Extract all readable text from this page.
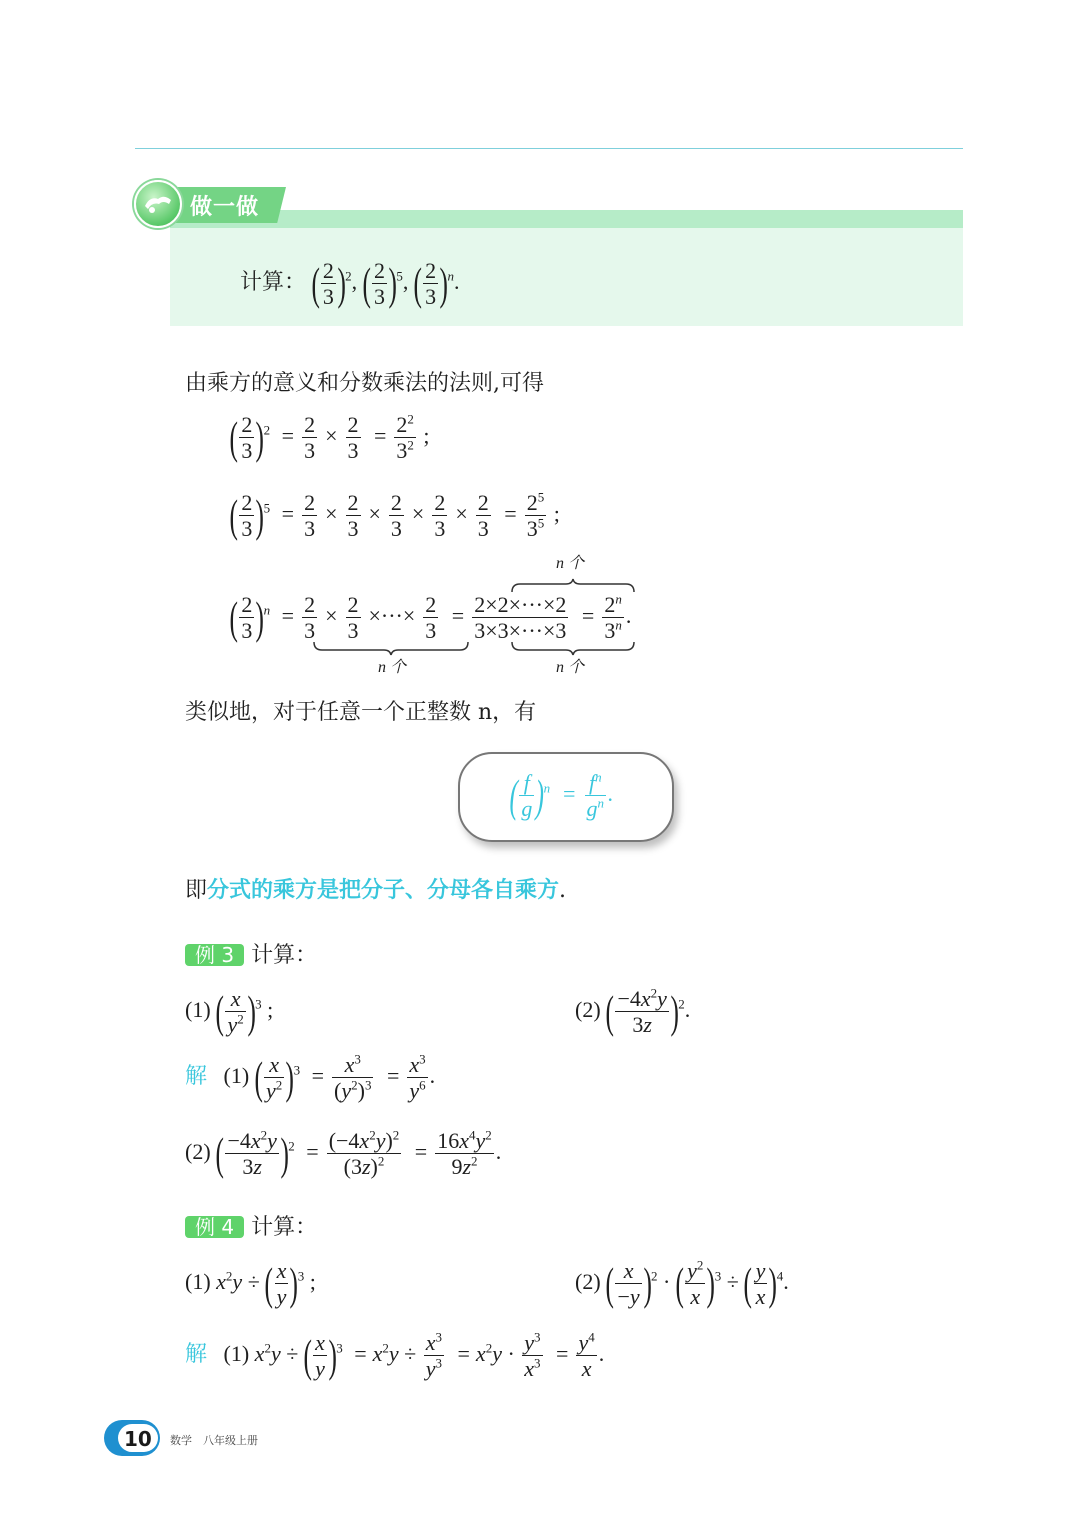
做一做
计算： ( $\frac{2}{3} )^2$, ( $\frac{2}{3} )^5$, ( $\frac{2}{3} )^n$.
由乘方的意义和分数乘法的法则,可得
( $\frac{2}{3} )^2 = \frac{2}{3} \times \frac{2}{3} = \frac{2^2}{3^2}$ ;
( $\frac{2}{3} )^5 = \frac{2}{3} \times \frac{2}{3} \times \frac{2}{3} \times \frac{2}{3} \times \frac{2}{3} = \frac{2^5}{3^5}$ ;
n 个
( $\frac{2}{3} )^n = \frac{2}{3} \times \frac{2}{3}$ ×···× $\frac{2}{3} = \frac{2\times 2\times\cdot\cdot\cdot\times 2}{3\times 3\times\cdot\cdot\cdot\times 3} = \frac{2^n}{3^n}$ .
n 个	n 个
类似地，对于任意一个正整数 n，有
( $\frac{f}{g} )^n = \frac{f^n}{g^n}$ .
即分式的乘方是把分子、分母各自乘方.
例 3 计算：
(1) ( $\frac{x}{y^2} )^3$ ;	(2) ( $\frac{-4x^2y}{3z} )^2$.
解 (1) ( $\frac{x}{y^2} )^3 = \frac{x^3}{(y^2)^3} = \frac{x^3}{y^6}$ .
(2) ( $\frac{-4x^2y}{3z} )^2 = \frac{(-4x^2y)^2}{(3z)^2} = \frac{16x^4y^2}{9z^2}$ .
例 4 计算：
(1) $x^2y$ ÷ ( $\frac{x}{y} )^3$ ;	(2) ( $\frac{x}{-y} )^2$ · ( $\frac{y^2}{x} )^3$ ÷ ( $\frac{y}{x} )^4$.
解 (1) $x^2y$ ÷ ( $\frac{x}{y} )^3 = x^2y \div \frac{x^3}{y^3} = x^2y \cdot \frac{y^3}{x^3} = \frac{y^4}{x}$ .
10 数学　八年级上册
